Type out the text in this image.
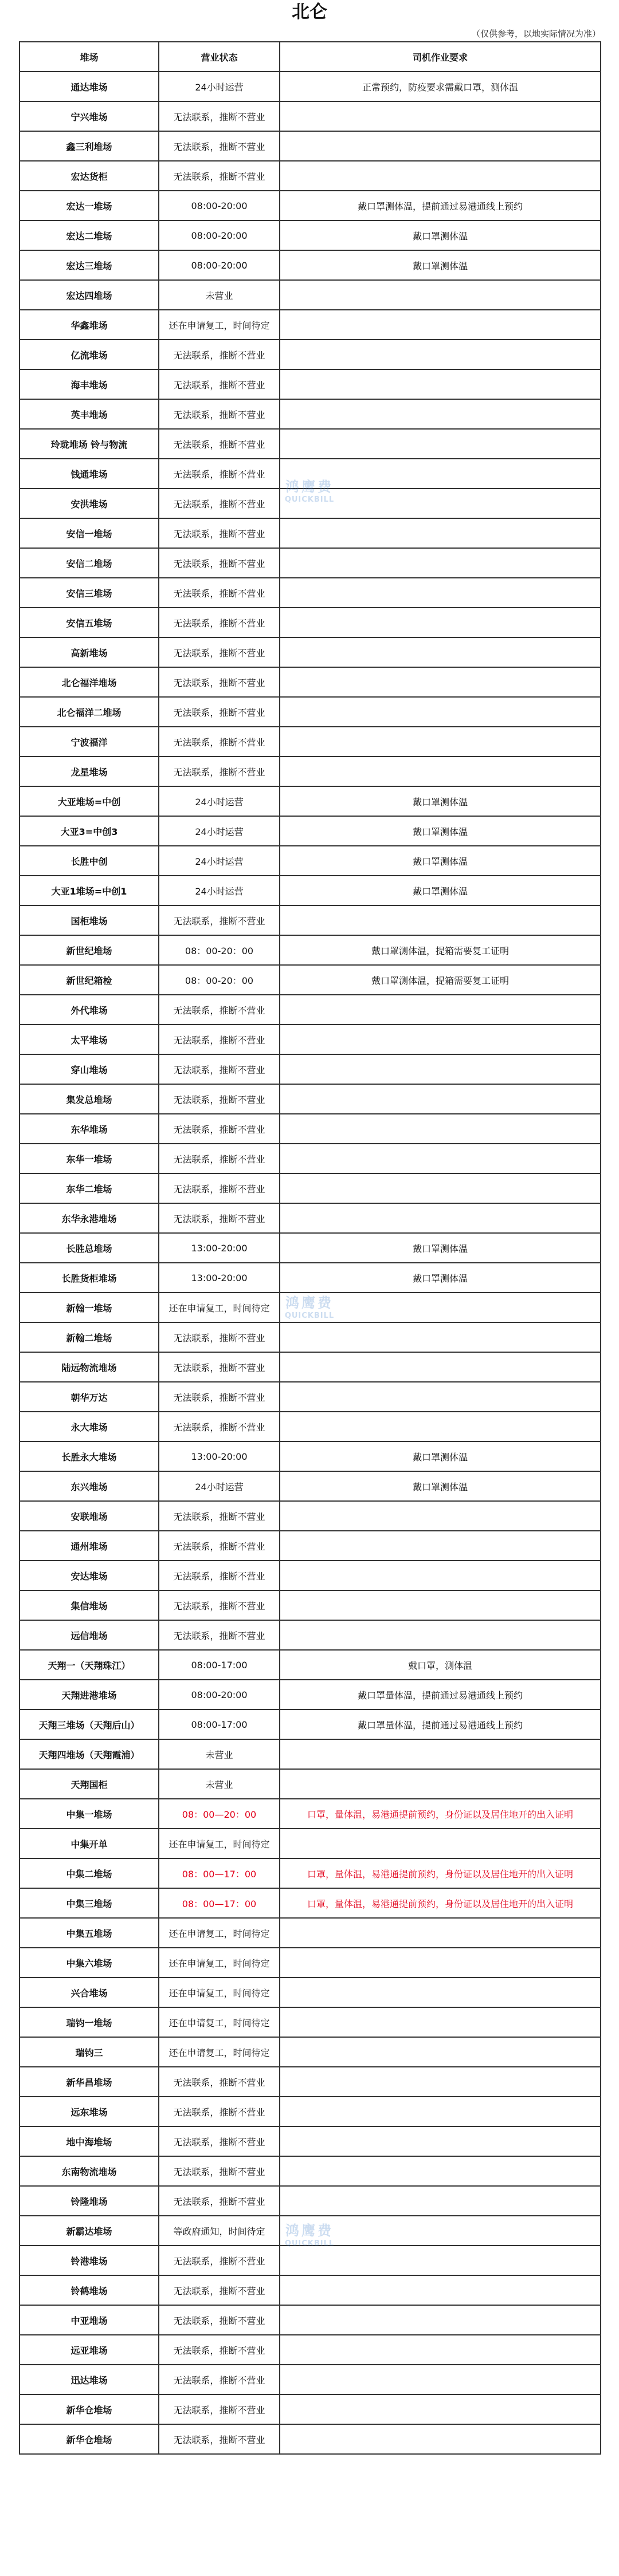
北仑
（仅供参考，以地实际情况为准）
堆场	营业状态	司机作业要求
通达堆场	24小时运营	正常预约，防疫要求需戴口罩，测体温
宁兴堆场	无法联系，推断不营业	
鑫三利堆场	无法联系，推断不营业	
宏达货柜	无法联系，推断不营业	
宏达一堆场	08:00-20:00	戴口罩测体温，提前通过易港通线上预约
宏达二堆场	08:00-20:00	戴口罩测体温
宏达三堆场	08:00-20:00	戴口罩测体温
宏达四堆场	未营业	
华鑫堆场	还在申请复工，时间待定	
亿流堆场	无法联系，推断不营业	
海丰堆场	无法联系，推断不营业	
英丰堆场	无法联系，推断不营业	
玲珑堆场 铃与物流	无法联系，推断不营业	
钱通堆场	无法联系，推断不营业	
安洪堆场	无法联系，推断不营业	
安信一堆场	无法联系，推断不营业	
安信二堆场	无法联系，推断不营业	
安信三堆场	无法联系，推断不营业	
安信五堆场	无法联系，推断不营业	
高新堆场	无法联系，推断不营业	
北仑福洋堆场	无法联系，推断不营业	
北仑福洋二堆场	无法联系，推断不营业	
宁波福洋	无法联系，推断不营业	
龙星堆场	无法联系，推断不营业	
大亚堆场=中创	24小时运营	戴口罩测体温
大亚3=中创3	24小时运营	戴口罩测体温
长胜中创	24小时运营	戴口罩测体温
大亚1堆场=中创1	24小时运营	戴口罩测体温
国柜堆场	无法联系，推断不营业	
新世纪堆场	08：00-20：00	戴口罩测体温，提箱需要复工证明
新世纪箱检	08：00-20：00	戴口罩测体温，提箱需要复工证明
外代堆场	无法联系，推断不营业	
太平堆场	无法联系，推断不营业	
穿山堆场	无法联系，推断不营业	
集发总堆场	无法联系，推断不营业	
东华堆场	无法联系，推断不营业	
东华一堆场	无法联系，推断不营业	
东华二堆场	无法联系，推断不营业	
东华永港堆场	无法联系，推断不营业	
长胜总堆场	13:00-20:00	戴口罩测体温
长胜货柜堆场	13:00-20:00	戴口罩测体温
新翰一堆场	还在申请复工，时间待定	
新翰二堆场	无法联系，推断不营业	
陆远物流堆场	无法联系，推断不营业	
朝华万达	无法联系，推断不营业	
永大堆场	无法联系，推断不营业	
长胜永大堆场	13:00-20:00	戴口罩测体温
东兴堆场	24小时运营	戴口罩测体温
安联堆场	无法联系，推断不营业	
通州堆场	无法联系，推断不营业	
安达堆场	无法联系，推断不营业	
集信堆场	无法联系，推断不营业	
远信堆场	无法联系，推断不营业	
天翔一（天翔珠江）	08:00-17:00	戴口罩，测体温
天翔进港堆场	08:00-20:00	戴口罩量体温，提前通过易港通线上预约
天翔三堆场（天翔后山）	08:00-17:00	戴口罩量体温，提前通过易港通线上预约
天翔四堆场（天翔霞浦）	未营业	
天翔国柜	未营业	
中集一堆场	08：00—20：00	口罩，量体温，易港通提前预约，身份证以及居住地开的出入证明
中集开单	还在申请复工，时间待定	
中集二堆场	08：00—17：00	口罩，量体温，易港通提前预约，身份证以及居住地开的出入证明
中集三堆场	08：00—17：00	口罩，量体温，易港通提前预约，身份证以及居住地开的出入证明
中集五堆场	还在申请复工，时间待定	
中集六堆场	还在申请复工，时间待定	
兴合堆场	还在申请复工，时间待定	
瑞钧一堆场	还在申请复工，时间待定	
瑞钧三	还在申请复工，时间待定	
新华昌堆场	无法联系，推断不营业	
远东堆场	无法联系，推断不营业	
地中海堆场	无法联系，推断不营业	
东南物流堆场	无法联系，推断不营业	
铃隆堆场	无法联系，推断不营业	
新霸达堆场	等政府通知，时间待定	
铃港堆场	无法联系，推断不营业	
铃鹤堆场	无法联系，推断不营业	
中亚堆场	无法联系，推断不营业	
远亚堆场	无法联系，推断不营业	
迅达堆场	无法联系，推断不营业	
新华仓堆场	无法联系，推断不营业	
新华仓堆场	无法联系，推断不营业	
鸿鹰费
QUICKBILL
鸿鹰费
QUICKBILL
鸿鹰费
QUICKBILL
